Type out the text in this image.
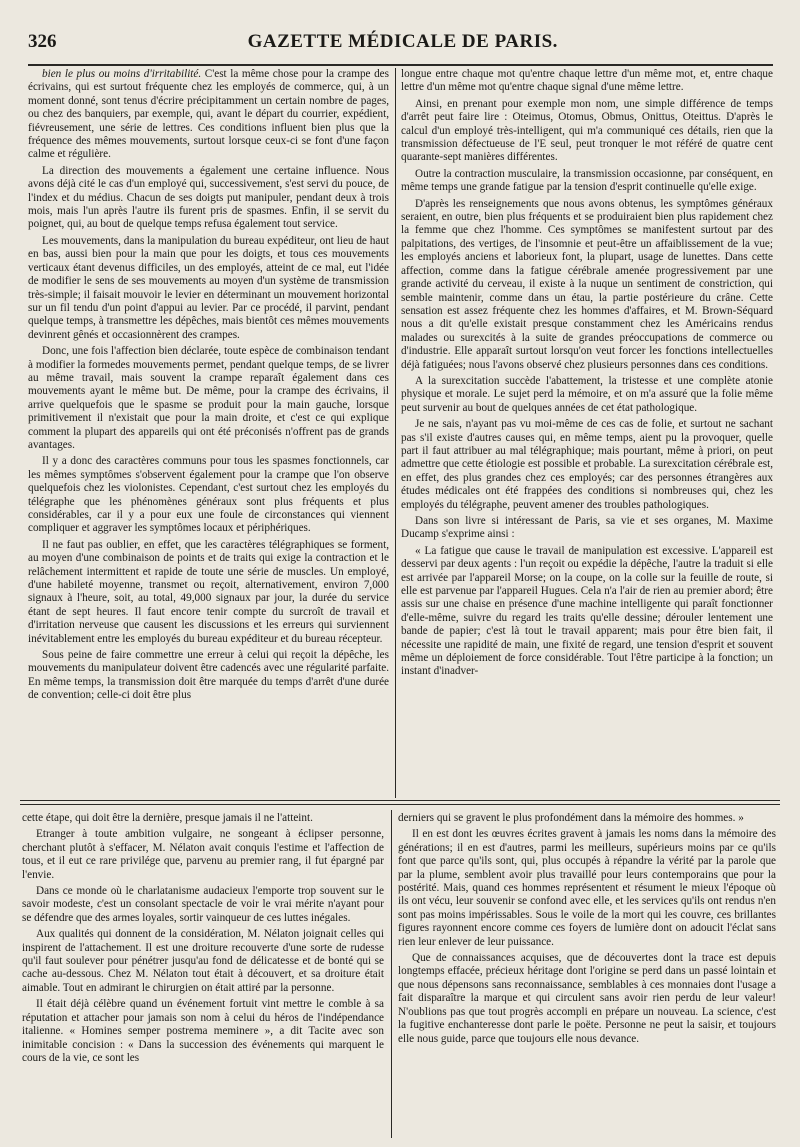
326	GAZETTE MÉDICALE DE PARIS.

bien le plus ou moins d'irritabilité. C'est la même chose pour la crampe des écrivains, qui est surtout fréquente chez les employés de commerce, qui, à un moment donné, sont tenus d'écrire précipitamment un certain nombre de pages, ou chez des banquiers, par exemple, qui, avant le départ du courrier, expédient, fiévreusement, une série de lettres. Ces conditions influent bien plus que la fréquence des mêmes mouvements, surtout lorsque ceux-ci se font d'une façon calme et régulière.

La direction des mouvements a également une certaine influence. Nous avons déjà cité le cas d'un employé qui, successivement, s'est servi du pouce, de l'index et du médius. Chacun de ses doigts put manipuler, pendant deux à trois mois, mais l'un après l'autre ils furent pris de spasmes. Enfin, il se servit du poignet, qui, au bout de quelque temps refusa également tout service.

Les mouvements, dans la manipulation du bureau expéditeur, ont lieu de haut en bas, aussi bien pour la main que pour les doigts, et tous ces mouvements verticaux étant devenus difficiles, un des employés, atteint de ce mal, eut l'idée de modifier le sens de ses mouvements au moyen d'un système de transmission très-simple; il faisait mouvoir le levier en déterminant un mouvement horizontal sur un fil tendu d'un point d'appui au levier. Par ce procédé, il parvint, pendant quelque temps, à transmettre les dépêches, mais bientôt ces mêmes mouvements devinrent gênés et occasionnèrent des crampes.

Donc, une fois l'affection bien déclarée, toute espèce de combinaison tendant à modifier la formedes mouvements permet, pendant quelque temps, de se livrer au même travail, mais souvent la crampe reparaît également dans ces mouvements ayant le même but. De même, pour la crampe des écrivains, il arrive quelquefois que le spasme se produit pour la main gauche, lorsque primitivement il n'existait que pour la main droite, et c'est ce qui explique comment la plupart des appareils qui ont été préconisés n'offrent pas de grands avantages.

Il y a donc des caractères communs pour tous les spasmes fonctionnels, car les mêmes symptômes s'observent également pour la crampe que l'on observe quelquefois chez les violonistes. Cependant, c'est surtout chez les employés du télégraphe que les phénomènes généraux sont plus fréquents et plus considérables, car il y a pour eux une foule de circonstances qui viennent compliquer et aggraver les symptômes locaux et périphériques.

Il ne faut pas oublier, en effet, que les caractères télégraphiques se forment, au moyen d'une combinaison de points et de traits qui exige la contraction et le relâchement intermittent et rapide de toute une série de muscles. Un employé, d'une habileté moyenne, transmet ou reçoit, alternativement, environ 7,000 signaux à l'heure, soit, au total, 49,000 signaux par jour, la durée du service étant de sept heures. Il faut encore tenir compte du surcroît de travail et d'irritation nerveuse que causent les discussions et les erreurs qui surviennent inévitablement entre les employés du bureau expéditeur et du bureau récepteur.

Sous peine de faire commettre une erreur à celui qui reçoit la dépêche, les mouvements du manipulateur doivent être cadencés avec une régularité parfaite. En même temps, la transmission doit être marquée du temps d'arrêt d'une durée de convention; celle-ci doit être plus

longue entre chaque mot qu'entre chaque lettre d'un même mot, et, entre chaque lettre d'un même mot qu'entre chaque signal d'une même lettre.

Ainsi, en prenant pour exemple mon nom, une simple différence de temps d'arrêt peut faire lire : Oteimus, Otomus, Obmus, Onittus, Oteittus. D'après le calcul d'un employé très-intelligent, qui m'a communiqué ces détails, rien que la transmission défectueuse de l'E seul, peut tronquer le mot référé de quatre cent quarante-sept manières différentes.

Outre la contraction musculaire, la transmission occasionne, par conséquent, en même temps une grande fatigue par la tension d'esprit continuelle qu'elle exige.

D'après les renseignements que nous avons obtenus, les symptômes généraux seraient, en outre, bien plus fréquents et se produiraient bien plus rapidement chez la femme que chez l'homme. Ces symptômes se manifestent surtout par des palpitations, des vertiges, de l'insomnie et peut-être un affaiblissement de la vue; les employés anciens et laborieux font, la plupart, usage de lunettes. Dans cette affection, comme dans la fatigue cérébrale amenée progressivement par une grande activité du cerveau, il existe à la nuque un sentiment de constriction, qui semble maintenir, comme dans un étau, la partie postérieure du crâne. Cette sensation est assez fréquente chez les hommes d'affaires, et M. Brown-Séquard nous a dit qu'elle existait presque constamment chez les Américains rendus malades ou surexcités à la suite de grandes préoccupations de commerce ou d'industrie. Elle apparaît surtout lorsqu'on veut forcer les fonctions intellectuelles déjà fatiguées; nous l'avons observé chez plusieurs personnes dans ces conditions.

A la surexcitation succède l'abattement, la tristesse et une complète atonie physique et morale. Le sujet perd la mémoire, et on m'a assuré que la folie même peut survenir au bout de quelques années de cet état pathologique.

Je ne sais, n'ayant pas vu moi-même de ces cas de folie, et surtout ne sachant pas s'il existe d'autres causes qui, en même temps, aient pu la provoquer, quelle part il faut attribuer au mal télégraphique; mais pourtant, même à priori, on peut admettre que cette étiologie est possible et probable. La surexcitation cérébrale est, en effet, des plus grandes chez ces employés; car des personnes étrangères aux études médicales ont été frappées des conditions si nombreuses qui, chez les employés du télégraphe, peuvent amener des troubles pathologiques.

Dans son livre si intéressant de Paris, sa vie et ses organes, M. Maxime Ducamp s'exprime ainsi :

« La fatigue que cause le travail de manipulation est excessive. L'appareil est desservi par deux agents : l'un reçoit ou expédie la dépêche, l'autre la traduit si elle est arrivée par l'appareil Morse; on la coupe, on la colle sur la feuille de route, si elle est parvenue par l'appareil Hugues. Cela n'a l'air de rien au premier abord; être assis sur une chaise en présence d'une machine intelligente qui paraît fonctionner d'elle-même, suivre du regard les traits qu'elle dessine; dérouler lentement une bande de papier; c'est là tout le travail apparent; mais pour être bien fait, il nécessite une rapidité de main, une fixité de regard, une tension d'esprit et souvent même un déploiement de force considérable. Tout l'être participe à la fonction; un instant d'inadver-

cette étape, qui doit être la dernière, presque jamais il ne l'atteint.

Etranger à toute ambition vulgaire, ne songeant à éclipser personne, cherchant plutôt à s'effacer, M. Nélaton avait conquis l'estime et l'affection de tous, et il eut ce rare privilége que, parvenu au premier rang, il fut épargné par l'envie.

Dans ce monde où le charlatanisme audacieux l'emporte trop souvent sur le savoir modeste, c'est un consolant spectacle de voir le vrai mérite n'ayant pour se défendre que des armes loyales, sortir vainqueur de ces luttes inégales.

Aux qualités qui donnent de la considération, M. Nélaton joignait celles qui inspirent de l'attachement. Il est une droiture recouverte d'une sorte de rudesse qu'il faut soulever pour pénétrer jusqu'au fond de délicatesse et de bonté qui se cache au-dessous. Chez M. Nélaton tout était à découvert, et sa droiture était aimable. Tout en admirant le chirurgien on était attiré par la personne.

Il était déjà célèbre quand un événement fortuit vint mettre le comble à sa réputation et attacher pour jamais son nom à celui du héros de l'indépendance italienne. « Homines semper postrema meminere », a dit Tacite avec son inimitable concision : « Dans la succession des événements qui marquent le cours de la vie, ce sont les

derniers qui se gravent le plus profondément dans la mémoire des hommes. »

Il en est dont les œuvres écrites gravent à jamais les noms dans la mémoire des générations; il en est d'autres, parmi les meilleurs, supérieurs moins par ce qu'ils font que parce qu'ils sont, qui, plus occupés à répandre la vérité par la parole que par la plume, semblent avoir plus travaillé pour leurs contemporains que pour la postérité. Mais, quand ces hommes représentent et résument le mieux l'époque où ils ont vécu, leur souvenir se confond avec elle, et les services qu'ils ont rendus n'en sont pas moins impérissables. Sous le voile de la mort qui les couvre, ces brillantes figures rayonnent encore comme ces foyers de lumière dont on adoucit l'éclat sans rien leur enlever de leur puissance.

Que de connaissances acquises, que de découvertes dont la trace est depuis longtemps effacée, précieux héritage dont l'origine se perd dans un passé lointain et que nous dépensons sans reconnaissance, semblables à ces monnaies dont l'usage a fait disparaître la marque et qui circulent sans avoir rien perdu de leur valeur! N'oublions pas que tout progrès accompli en prépare un nouveau. La science, c'est la fugitive enchanteresse dont parle le poëte. Personne ne peut la saisir, et toujours elle nous guide, parce que toujours elle nous devance.
